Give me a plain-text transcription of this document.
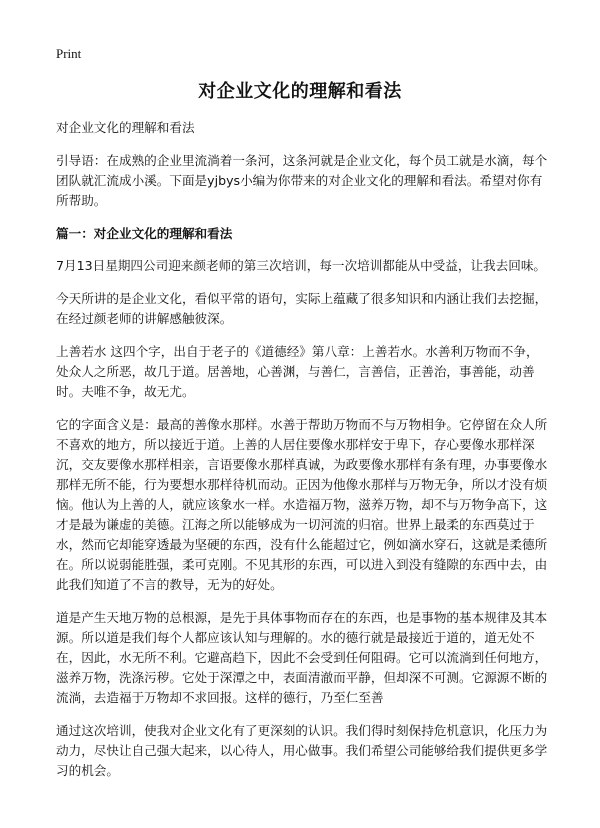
Print
对企业文化的理解和看法

对企业文化的理解和看法

引导语：在成熟的企业里流淌着一条河，这条河就是企业文化，每个员工就是水滴，每个团队就汇流成小溪。下面是yjbys小编为你带来的对企业文化的理解和看法。希望对你有所帮助。

篇一：对企业文化的理解和看法

7月13日星期四公司迎来颜老师的第三次培训，每一次培训都能从中受益，让我去回味。

今天所讲的是企业文化，看似平常的语句，实际上蕴藏了很多知识和内涵让我们去挖掘，在经过颜老师的讲解感触彼深。

上善若水 这四个字，出自于老子的《道德经》第八章：上善若水。水善利万物而不争，处众人之所恶，故几于道。居善地，心善渊，与善仁，言善信，正善治，事善能，动善时。夫唯不争，故无尤。

它的字面含义是：最高的善像水那样。水善于帮助万物而不与万物相争。它停留在众人所不喜欢的地方，所以接近于道。上善的人居住要像水那样安于卑下，存心要像水那样深沉，交友要像水那样相亲，言语要像水那样真诚，为政要像水那样有条有理，办事要像水那样无所不能，行为要想水那样待机而动。正因为他像水那样与万物无争，所以才没有烦恼。他认为上善的人，就应该象水一样。水造福万物，滋养万物，却不与万物争高下，这才是最为谦虚的美德。江海之所以能够成为一切河流的归宿。世界上最柔的东西莫过于水，然而它却能穿透最为坚硬的东西，没有什么能超过它，例如滴水穿石，这就是柔德所在。所以说弱能胜强，柔可克刚。不见其形的东西，可以进入到没有缝隙的东西中去，由此我们知道了不言的教导，无为的好处。

道是产生天地万物的总根源，是先于具体事物而存在的东西，也是事物的基本规律及其本源。所以道是我们每个人都应该认知与理解的。水的德行就是最接近于道的，道无处不在，因此，水无所不利。它避高趋下，因此不会受到任何阻碍。它可以流淌到任何地方，滋养万物，洗涤污秽。它处于深潭之中，表面清澈而平静，但却深不可测。它源源不断的流淌，去造福于万物却不求回报。这样的德行，乃至仁至善

通过这次培训，使我对企业文化有了更深刻的认识。我们得时刻保持危机意识，化压力为动力，尽快让自己强大起来，以心待人，用心做事。我们希望公司能够给我们提供更多学习的机会。
